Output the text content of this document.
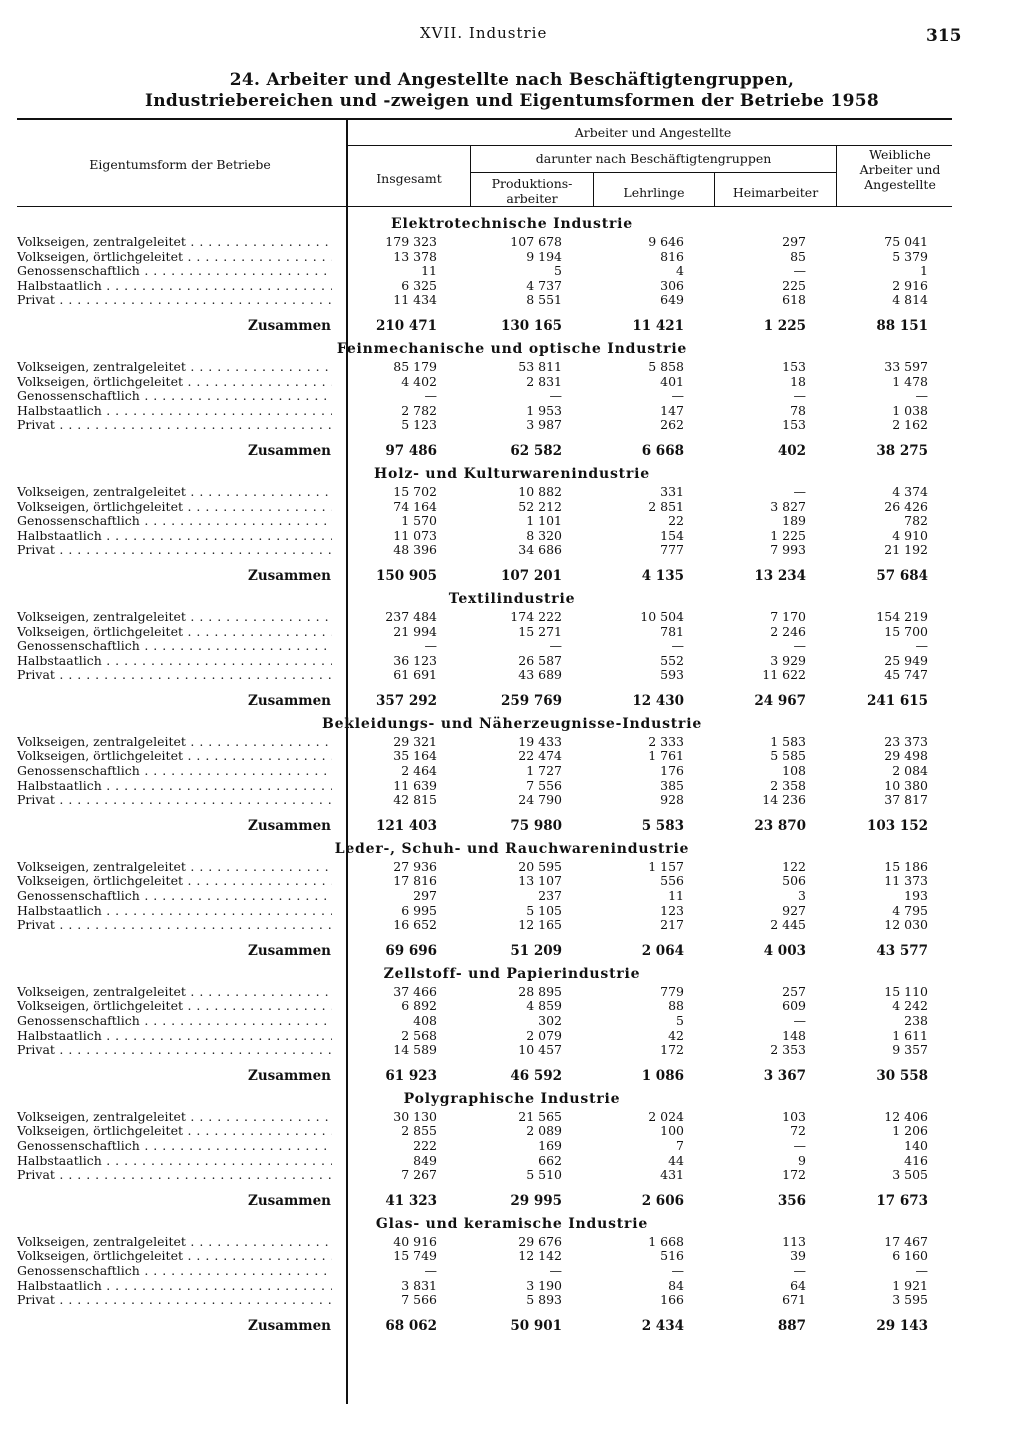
XVII. Industrie	315
24. Arbeiter und Angestellte nach Beschäftigtengruppen,
Industriebereichen und -zweigen und Eigentumsformen der Betriebe 1958
Eigentumsform der Betriebe
Arbeiter und Angestellte
darunter nach Beschäftigtengruppen
Insgesamt	Produktions-arbeiter	Lehrlinge	Heimarbeiter
Weibliche Arbeiter und Angestellte
Elektrotechnische Industrie
Volkseigen, zentralgeleitet . . .	179 323	107 678	9 646	297	75 041
Volkseigen, örtlichgeleitet . . .	13 378	9 194	816	85	5 379
Genossenschaftlich . . .	11	5	4	—	1
Halbstaatlich . . .	6 325	4 737	306	225	2 916
Privat . . .	11 434	8 551	649	618	4 814
Zusammen	210 471	130 165	11 421	1 225	88 151
Feinmechanische und optische Industrie
Volkseigen, zentralgeleitet . . .	85 179	53 811	5 858	153	33 597
Volkseigen, örtlichgeleitet . . .	4 402	2 831	401	18	1 478
Genossenschaftlich . . .	—	—	—	—	—
Halbstaatlich . . .	2 782	1 953	147	78	1 038
Privat . . .	5 123	3 987	262	153	2 162
Zusammen	97 486	62 582	6 668	402	38 275
Holz- und Kulturwarenindustrie
Volkseigen, zentralgeleitet . . .	15 702	10 882	331	—	4 374
Volkseigen, örtlichgeleitet . . .	74 164	52 212	2 851	3 827	26 426
Genossenschaftlich . . .	1 570	1 101	22	189	782
Halbstaatlich . . .	11 073	8 320	154	1 225	4 910
Privat . . .	48 396	34 686	777	7 993	21 192
Zusammen	150 905	107 201	4 135	13 234	57 684
Textilindustrie
Volkseigen, zentralgeleitet . . .	237 484	174 222	10 504	7 170	154 219
Volkseigen, örtlichgeleitet . . .	21 994	15 271	781	2 246	15 700
Genossenschaftlich . . .	—	—	—	—	—
Halbstaatlich . . .	36 123	26 587	552	3 929	25 949
Privat . . .	61 691	43 689	593	11 622	45 747
Zusammen	357 292	259 769	12 430	24 967	241 615
Bekleidungs- und Näherzeugnisse-Industrie
Volkseigen, zentralgeleitet . . .	29 321	19 433	2 333	1 583	23 373
Volkseigen, örtlichgeleitet . . .	35 164	22 474	1 761	5 585	29 498
Genossenschaftlich . . .	2 464	1 727	176	108	2 084
Halbstaatlich . . .	11 639	7 556	385	2 358	10 380
Privat . . .	42 815	24 790	928	14 236	37 817
Zusammen	121 403	75 980	5 583	23 870	103 152
Leder-, Schuh- und Rauchwarenindustrie
Volkseigen, zentralgeleitet . . .	27 936	20 595	1 157	122	15 186
Volkseigen, örtlichgeleitet . . .	17 816	13 107	556	506	11 373
Genossenschaftlich . . .	297	237	11	3	193
Halbstaatlich . . .	6 995	5 105	123	927	4 795
Privat . . .	16 652	12 165	217	2 445	12 030
Zusammen	69 696	51 209	2 064	4 003	43 577
Zellstoff- und Papierindustrie
Volkseigen, zentralgeleitet . . .	37 466	28 895	779	257	15 110
Volkseigen, örtlichgeleitet . . .	6 892	4 859	88	609	4 242
Genossenschaftlich . . .	408	302	5	—	238
Halbstaatlich . . .	2 568	2 079	42	148	1 611
Privat . . .	14 589	10 457	172	2 353	9 357
Zusammen	61 923	46 592	1 086	3 367	30 558
Polygraphische Industrie
Volkseigen, zentralgeleitet . . .	30 130	21 565	2 024	103	12 406
Volkseigen, örtlichgeleitet . . .	2 855	2 089	100	72	1 206
Genossenschaftlich . . .	222	169	7	—	140
Halbstaatlich . . .	849	662	44	9	416
Privat . . .	7 267	5 510	431	172	3 505
Zusammen	41 323	29 995	2 606	356	17 673
Glas- und keramische Industrie
Volkseigen, zentralgeleitet . . .	40 916	29 676	1 668	113	17 467
Volkseigen, örtlichgeleitet . . .	15 749	12 142	516	39	6 160
Genossenschaftlich . . .	—	—	—	—	—
Halbstaatlich . . .	3 831	3 190	84	64	1 921
Privat . . .	7 566	5 893	166	671	3 595
Zusammen	68 062	50 901	2 434	887	29 143
